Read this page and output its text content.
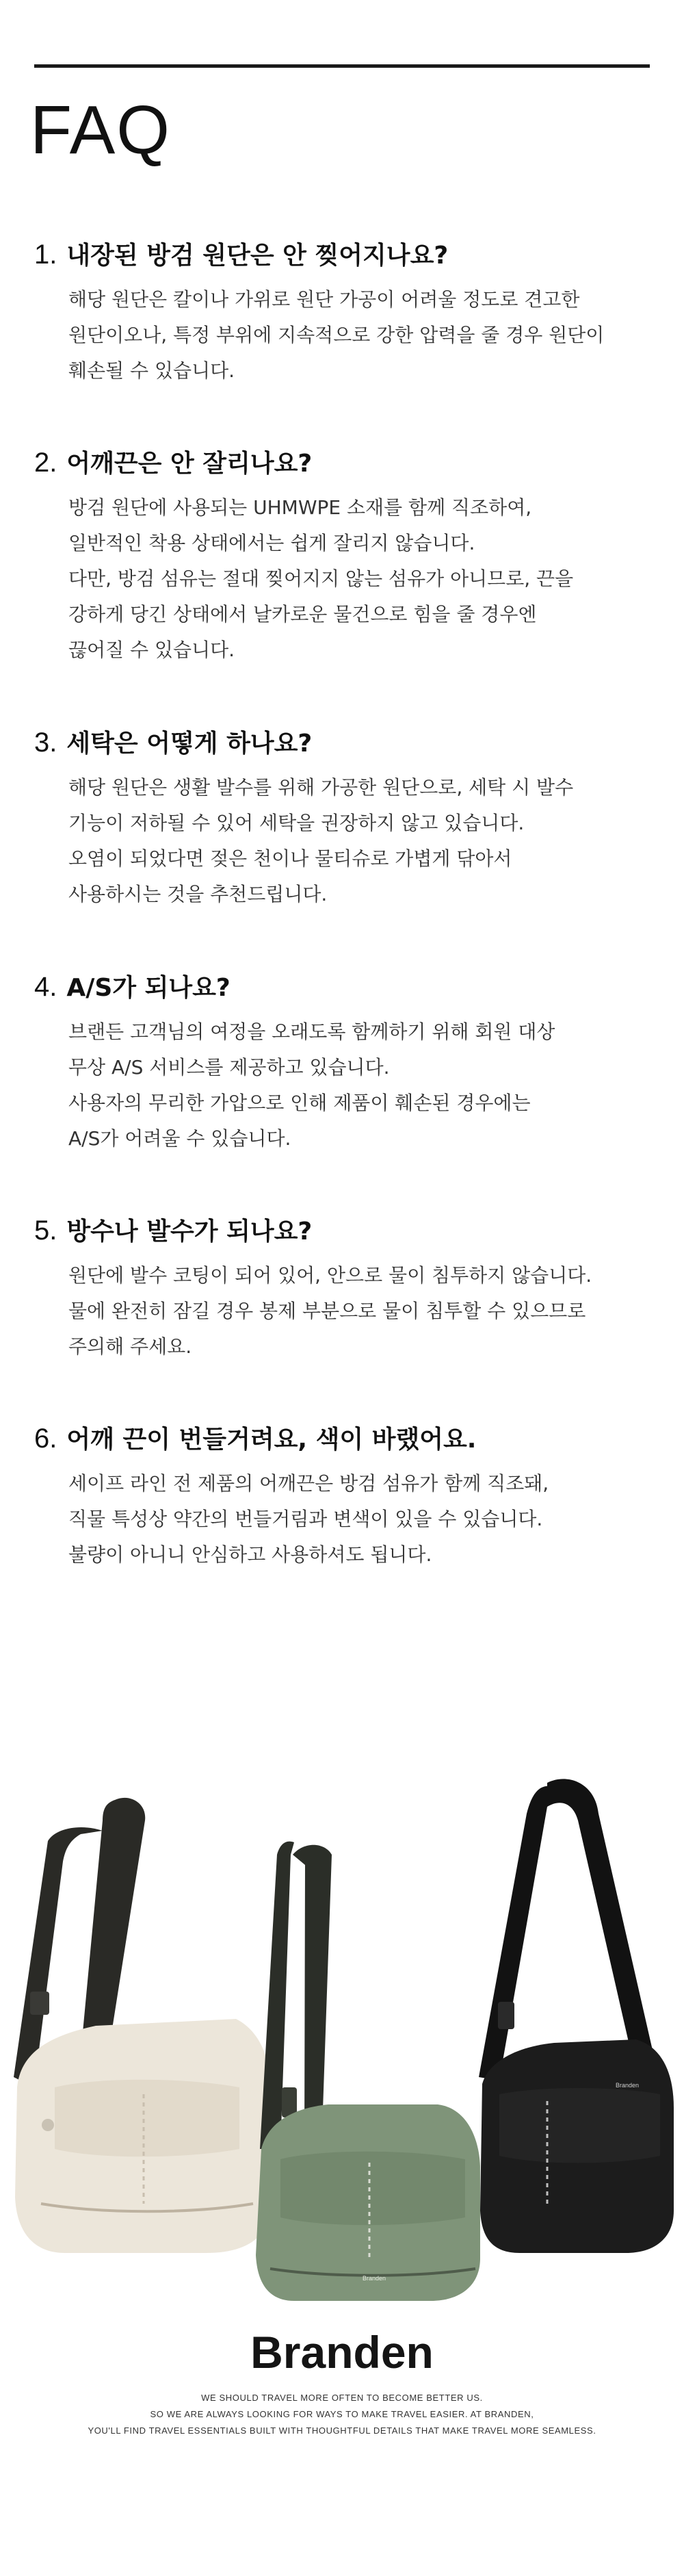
FAQ
1. 내장된 방검 원단은 안 찢어지나요?
해당 원단은 칼이나 가위로 원단 가공이 어려울 정도로 견고한
원단이오나, 특정 부위에 지속적으로 강한 압력을 줄 경우 원단이
훼손될 수 있습니다.
2. 어깨끈은 안 잘리나요?
방검 원단에 사용되는 UHMWPE 소재를 함께 직조하여,
일반적인 착용 상태에서는 쉽게 잘리지 않습니다.
다만, 방검 섬유는 절대 찢어지지 않는 섬유가 아니므로, 끈을
강하게 당긴 상태에서 날카로운 물건으로 힘을 줄 경우엔
끊어질 수 있습니다.
3. 세탁은 어떻게 하나요?
해당 원단은 생활 발수를 위해 가공한 원단으로, 세탁 시 발수
기능이 저하될 수 있어 세탁을 권장하지 않고 있습니다.
오염이 되었다면 젖은 천이나 물티슈로 가볍게 닦아서
사용하시는 것을 추천드립니다.
4. A/S가 되나요?
브랜든 고객님의 여정을 오래도록 함께하기 위해 회원 대상
무상 A/S 서비스를 제공하고 있습니다.
사용자의 무리한 가압으로 인해 제품이 훼손된 경우에는
A/S가 어려울 수 있습니다.
5. 방수나 발수가 되나요?
원단에 발수 코팅이 되어 있어, 안으로 물이 침투하지 않습니다.
물에 완전히 잠길 경우 봉제 부분으로 물이 침투할 수 있으므로
주의해 주세요.
6. 어깨 끈이 번들거려요, 색이 바랬어요.
세이프 라인 전 제품의 어깨끈은 방검 섬유가 함께 직조돼,
직물 특성상 약간의 번들거림과 변색이 있을 수 있습니다.
불량이 아니니 안심하고 사용하셔도 됩니다.
Branden
Branden
Branden
WE SHOULD TRAVEL MORE OFTEN TO BECOME BETTER US.
SO WE ARE ALWAYS LOOKING FOR WAYS TO MAKE TRAVEL EASIER. AT BRANDEN,
YOU'LL FIND TRAVEL ESSENTIALS BUILT WITH THOUGHTFUL DETAILS THAT MAKE TRAVEL MORE SEAMLESS.
